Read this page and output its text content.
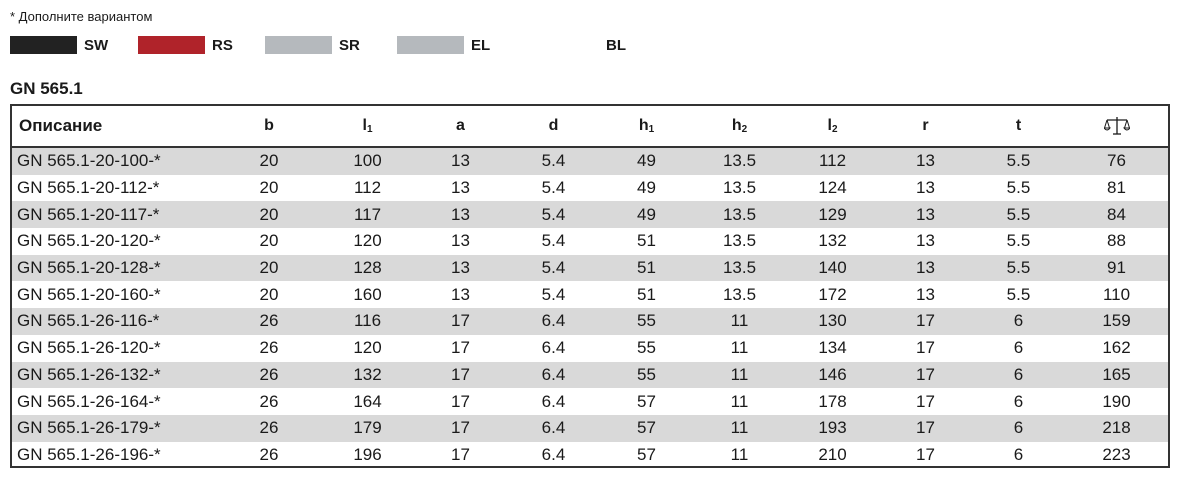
* Дополните вариантом
SW	RS	SR	EL	BL
GN 565.1
Описание	b	$l_1$	a	d	$h_1$	$h_2$	$l_2$	r	t	
GN 565.1-20-100-*	20	100	13	5.4	49	13.5	112	13	5.5	76
GN 565.1-20-112-*	20	112	13	5.4	49	13.5	124	13	5.5	81
GN 565.1-20-117-*	20	117	13	5.4	49	13.5	129	13	5.5	84
GN 565.1-20-120-*	20	120	13	5.4	51	13.5	132	13	5.5	88
GN 565.1-20-128-*	20	128	13	5.4	51	13.5	140	13	5.5	91
GN 565.1-20-160-*	20	160	13	5.4	51	13.5	172	13	5.5	110
GN 565.1-26-116-*	26	116	17	6.4	55	11	130	17	6	159
GN 565.1-26-120-*	26	120	17	6.4	55	11	134	17	6	162
GN 565.1-26-132-*	26	132	17	6.4	55	11	146	17	6	165
GN 565.1-26-164-*	26	164	17	6.4	57	11	178	17	6	190
GN 565.1-26-179-*	26	179	17	6.4	57	11	193	17	6	218
GN 565.1-26-196-*	26	196	17	6.4	57	11	210	17	6	223
